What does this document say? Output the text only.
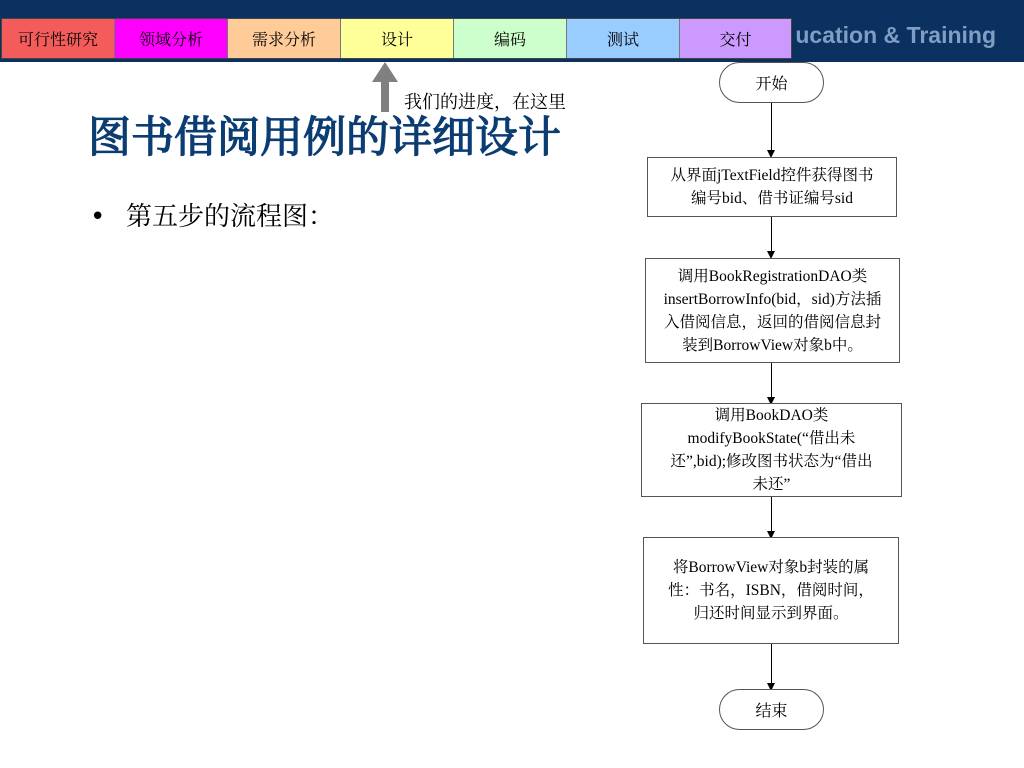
ucation & Training
可行性研究	领域分析	需求分析	设计	编码	测试	交付
我们的进度，在这里
图书借阅用例的详细设计
• 第五步的流程图：
开始
从界面jTextField控件获得图书
编号bid、借书证编号sid
调用BookRegistrationDAO类
insertBorrowInfo(bid，sid)方法插
入借阅信息，返回的借阅信息封
装到BorrowView对象b中。
调用BookDAO类
modifyBookState(“借出未
还”,bid);修改图书状态为“借出
未还”
将BorrowView对象b封装的属
性：书名，ISBN，借阅时间，
归还时间显示到界面。
结束
